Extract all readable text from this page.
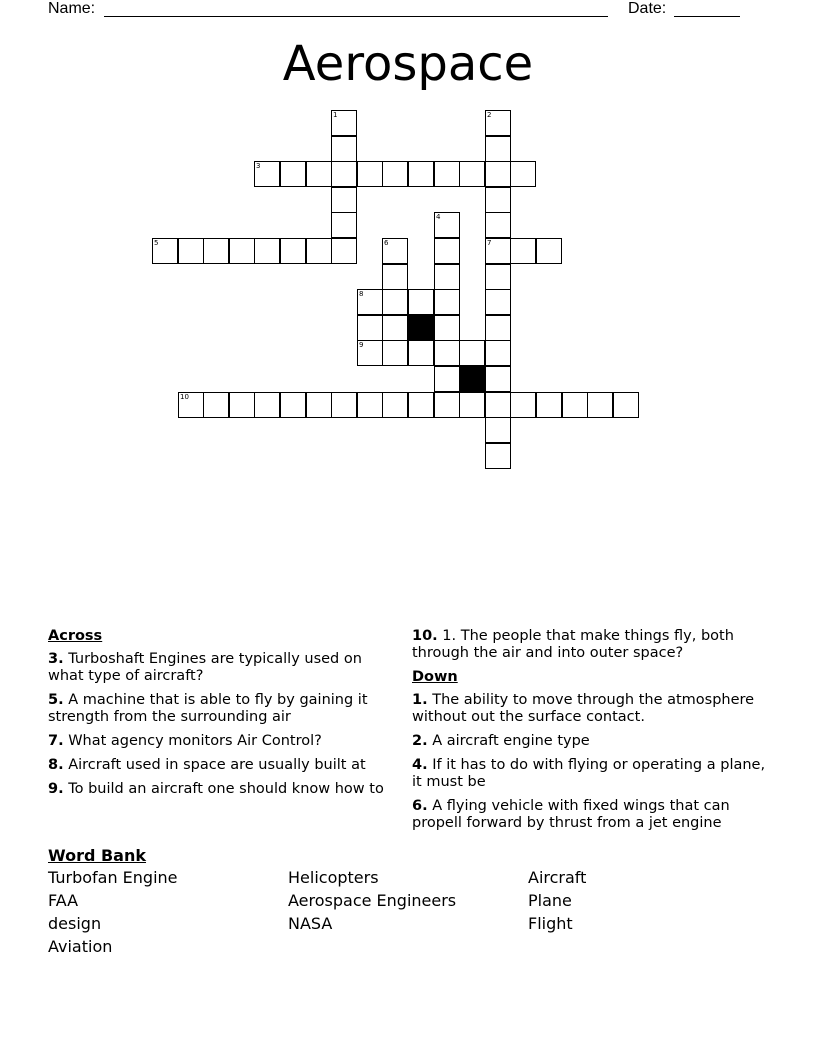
Name:	Date:
Aerospace
1	2
7
3
4
5	6
8
9
10
Across
3. Turboshaft Engines are typically used on what type of aircraft?
5. A machine that is able to fly by gaining it strength from the surrounding air
7. What agency monitors Air Control?
8. Aircraft used in space are usually built at
9. To build an aircraft one should know how to
10. 1. The people that make things fly, both through the air and into outer space?
Down
1. The ability to move through the atmosphere without out the surface contact.
2. A aircraft engine type
4. If it has to do with flying or operating a plane, it must be
6. A flying vehicle with fixed wings that can propell forward by thrust from a jet engine
Word Bank
Turbofan Engine	Helicopters	Aircraft
FAA	Aerospace Engineers	Plane
design	NASA	Flight
Aviation
